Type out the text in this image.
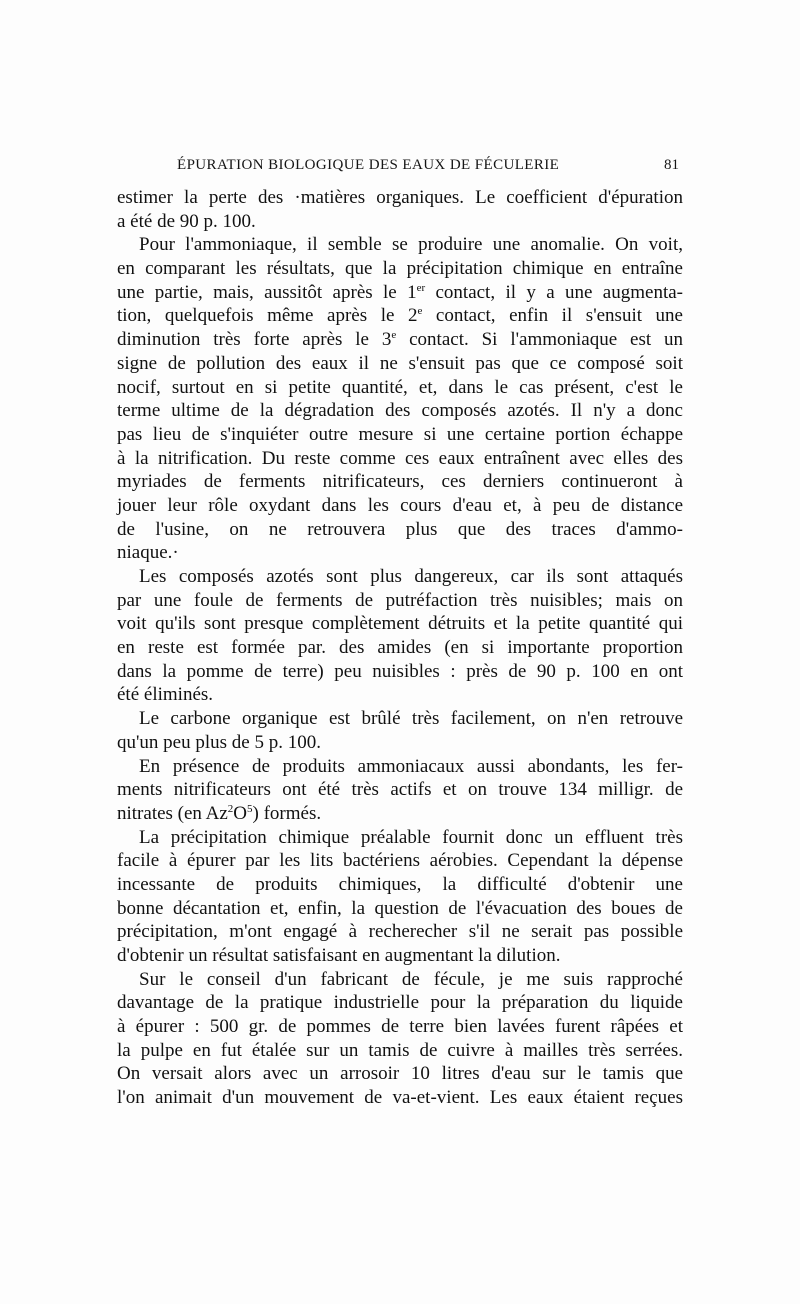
ÉPURATION BIOLOGIQUE DES EAUX DE FÉCULERIE	81
estimer la perte des ·matières organiques. Le coefficient d'épuration
a été de 90 p. 100.
Pour l'ammoniaque, il semble se produire une anomalie. On voit,
en comparant les résultats, que la précipitation chimique en entraîne
une partie, mais, aussitôt après le 1er contact, il y a une augmenta-
tion, quelquefois même après le 2e contact, enfin il s'ensuit une
diminution très forte après le 3e contact. Si l'ammoniaque est un
signe de pollution des eaux il ne s'ensuit pas que ce composé soit
nocif, surtout en si petite quantité, et, dans le cas présent, c'est le
terme ultime de la dégradation des composés azotés. Il n'y a donc
pas lieu de s'inquiéter outre mesure si une certaine portion échappe
à la nitrification. Du reste comme ces eaux entraînent avec elles des
myriades de ferments nitrificateurs, ces derniers continueront à
jouer leur rôle oxydant dans les cours d'eau et, à peu de distance
de l'usine, on ne retrouvera plus que des traces d'ammo-
niaque.·
Les composés azotés sont plus dangereux, car ils sont attaqués
par une foule de ferments de putréfaction très nuisibles; mais on
voit qu'ils sont presque complètement détruits et la petite quantité qui
en reste est formée par. des amides (en si importante proportion
dans la pomme de terre) peu nuisibles : près de 90 p. 100 en ont
été éliminés.
Le carbone organique est brûlé très facilement, on n'en retrouve
qu'un peu plus de 5 p. 100.
En présence de produits ammoniacaux aussi abondants, les fer-
ments nitrificateurs ont été très actifs et on trouve 134 milligr. de
nitrates (en $Az^2O^5$) formés.
La précipitation chimique préalable fournit donc un effluent très
facile à épurer par les lits bactériens aérobies. Cependant la dépense
incessante de produits chimiques, la difficulté d'obtenir une
bonne décantation et, enfin, la question de l'évacuation des boues de
précipitation, m'ont engagé à recherecher s'il ne serait pas possible
d'obtenir un résultat satisfaisant en augmentant la dilution.
Sur le conseil d'un fabricant de fécule, je me suis rapproché
davantage de la pratique industrielle pour la préparation du liquide
à épurer : 500 gr. de pommes de terre bien lavées furent râpées et
la pulpe en fut étalée sur un tamis de cuivre à mailles très serrées.
On versait alors avec un arrosoir 10 litres d'eau sur le tamis que
l'on animait d'un mouvement de va-et-vient. Les eaux étaient reçues
